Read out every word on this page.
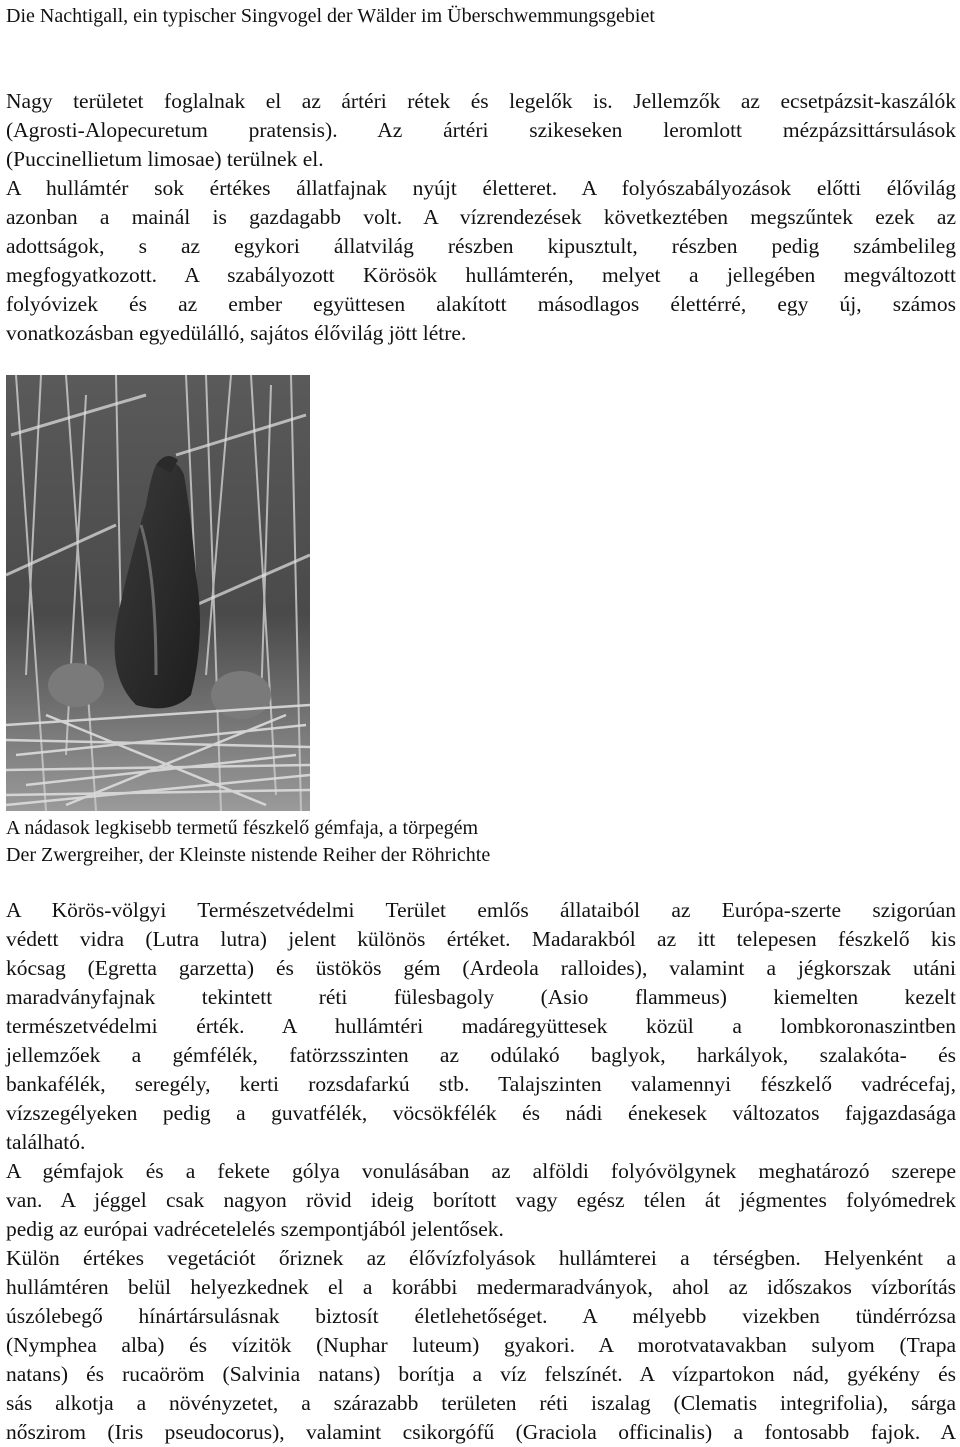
Die Nachtigall, ein typischer Singvogel der Wälder im Überschwemmungsgebiet
Nagy területet foglalnak el az ártéri rétek és legelők is. Jellemzők az ecsetpázsit-kaszálók
(Agrosti-Alopecuretum pratensis). Az ártéri szikeseken leromlott mézpázsittársulások
(Puccinellietum limosae) terülnek el.
A hullámtér sok értékes állatfajnak nyújt életteret. A folyószabályozások előtti élővilág
azonban a mainál is gazdagabb volt. A vízrendezések következtében megszűntek ezek az
adottságok, s az egykori állatvilág részben kipusztult, részben pedig számbelileg
megfogyatkozott. A szabályozott Körösök hullámterén, melyet a jellegében megváltozott
folyóvizek és az ember együttesen alakított másodlagos élettérré, egy új, számos
vonatkozásban egyedülálló, sajátos élővilág jött létre.
A nádasok legkisebb termetű fészkelő gémfaja, a törpegém
Der Zwergreiher, der Kleinste nistende Reiher der Röhrichte
A Körös-völgyi Természetvédelmi Terület emlős állataiból az Európa-szerte szigorúan
védett vidra (Lutra lutra) jelent különös értéket. Madarakból az itt telepesen fészkelő kis
kócsag (Egretta garzetta) és üstökös gém (Ardeola ralloides), valamint a jégkorszak utáni
maradványfajnak tekintett réti fülesbagoly (Asio flammeus) kiemelten kezelt
természetvédelmi érték. A hullámtéri madáregyüttesek közül a lombkoronaszintben
jellemzőek a gémfélék, fatörzsszinten az odúlakó baglyok, harkályok, szalakóta- és
bankafélék, seregély, kerti rozsdafarkú stb. Talajszinten valamennyi fészkelő vadrécefaj,
vízszegélyeken pedig a guvatfélék, vöcsökfélék és nádi énekesek változatos fajgazdasága
található.
A gémfajok és a fekete gólya vonulásában az alföldi folyóvölgynek meghatározó szerepe
van. A jéggel csak nagyon rövid ideig borított vagy egész télen át jégmentes folyómedrek
pedig az európai vadrécetelelés szempontjából jelentősek.
Külön értékes vegetációt őriznek az élővízfolyások hullámterei a térségben. Helyenként a
hullámtéren belül helyezkednek el a korábbi medermaradványok, ahol az időszakos vízborítás
úszólebegő hínártársulásnak biztosít életlehetőséget. A mélyebb vizekben tündérrózsa
(Nymphea alba) és vízitök (Nuphar luteum) gyakori. A morotvatavakban sulyom (Trapa
natans) és rucaöröm (Salvinia natans) borítja a víz felszínét. A vízpartokon nád, gyékény és
sás alkotja a növényzetet, a szárazabb területen réti iszalag (Clematis integrifolia), sárga
nőszirom (Iris pseudocorus), valamint csikorgófű (Graciola officinalis) a fontosabb fajok. A
